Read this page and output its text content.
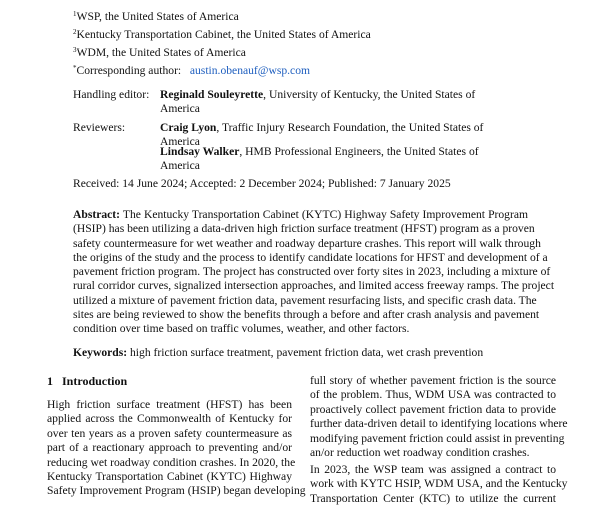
$^1$WSP, the United States of America
$^2$Kentucky Transportation Cabinet, the United States of America
$^3$WDM, the United States of America
*Corresponding author: austin.obenauf@wsp.com
Handling editor: Reginald Souleyrette, University of Kentucky, the United States of
America
Reviewers:	Craig Lyon, Traffic Injury Research Foundation, the United States of
America
Lindsay Walker, HMB Professional Engineers, the United States of
America
Received: 14 June 2024; Accepted: 2 December 2024; Published: 7 January 2025
Abstract: The Kentucky Transportation Cabinet (KYTC) Highway Safety Improvement Program
(HSIP) has been utilizing a data-driven high friction surface treatment (HFST) program as a proven
safety countermeasure for wet weather and roadway departure crashes. This report will walk through
the origins of the study and the process to identify candidate locations for HFST and development of a
pavement friction program. The project has constructed over forty sites in 2023, including a mixture of
rural corridor curves, signalized intersection approaches, and limited access freeway ramps. The project
utilized a mixture of pavement friction data, pavement resurfacing lists, and specific crash data. The
sites are being reviewed to show the benefits through a before and after crash analysis and pavement
condition over time based on traffic volumes, weather, and other factors.
Keywords: high friction surface treatment, pavement friction data, wet crash prevention
1 Introduction
High friction surface treatment (HFST) has been
applied across the Commonwealth of Kentucky for
over ten years as a proven safety countermeasure as
part of a reactionary approach to preventing and/or
reducing wet roadway condition crashes. In 2020, the
Kentucky Transportation Cabinet (KYTC) Highway
Safety Improvement Program (HSIP) began developing
full story of whether pavement friction is the source
of the problem. Thus, WDM USA was contracted to
proactively collect pavement friction data to provide
further data-driven detail to identifying locations where
modifying pavement friction could assist in preventing
an/or reduction wet roadway condition crashes.
In 2023, the WSP team was assigned a contract to
work with KYTC HSIP, WDM USA, and the Kentucky
Transportation Center (KTC) to utilize the current
